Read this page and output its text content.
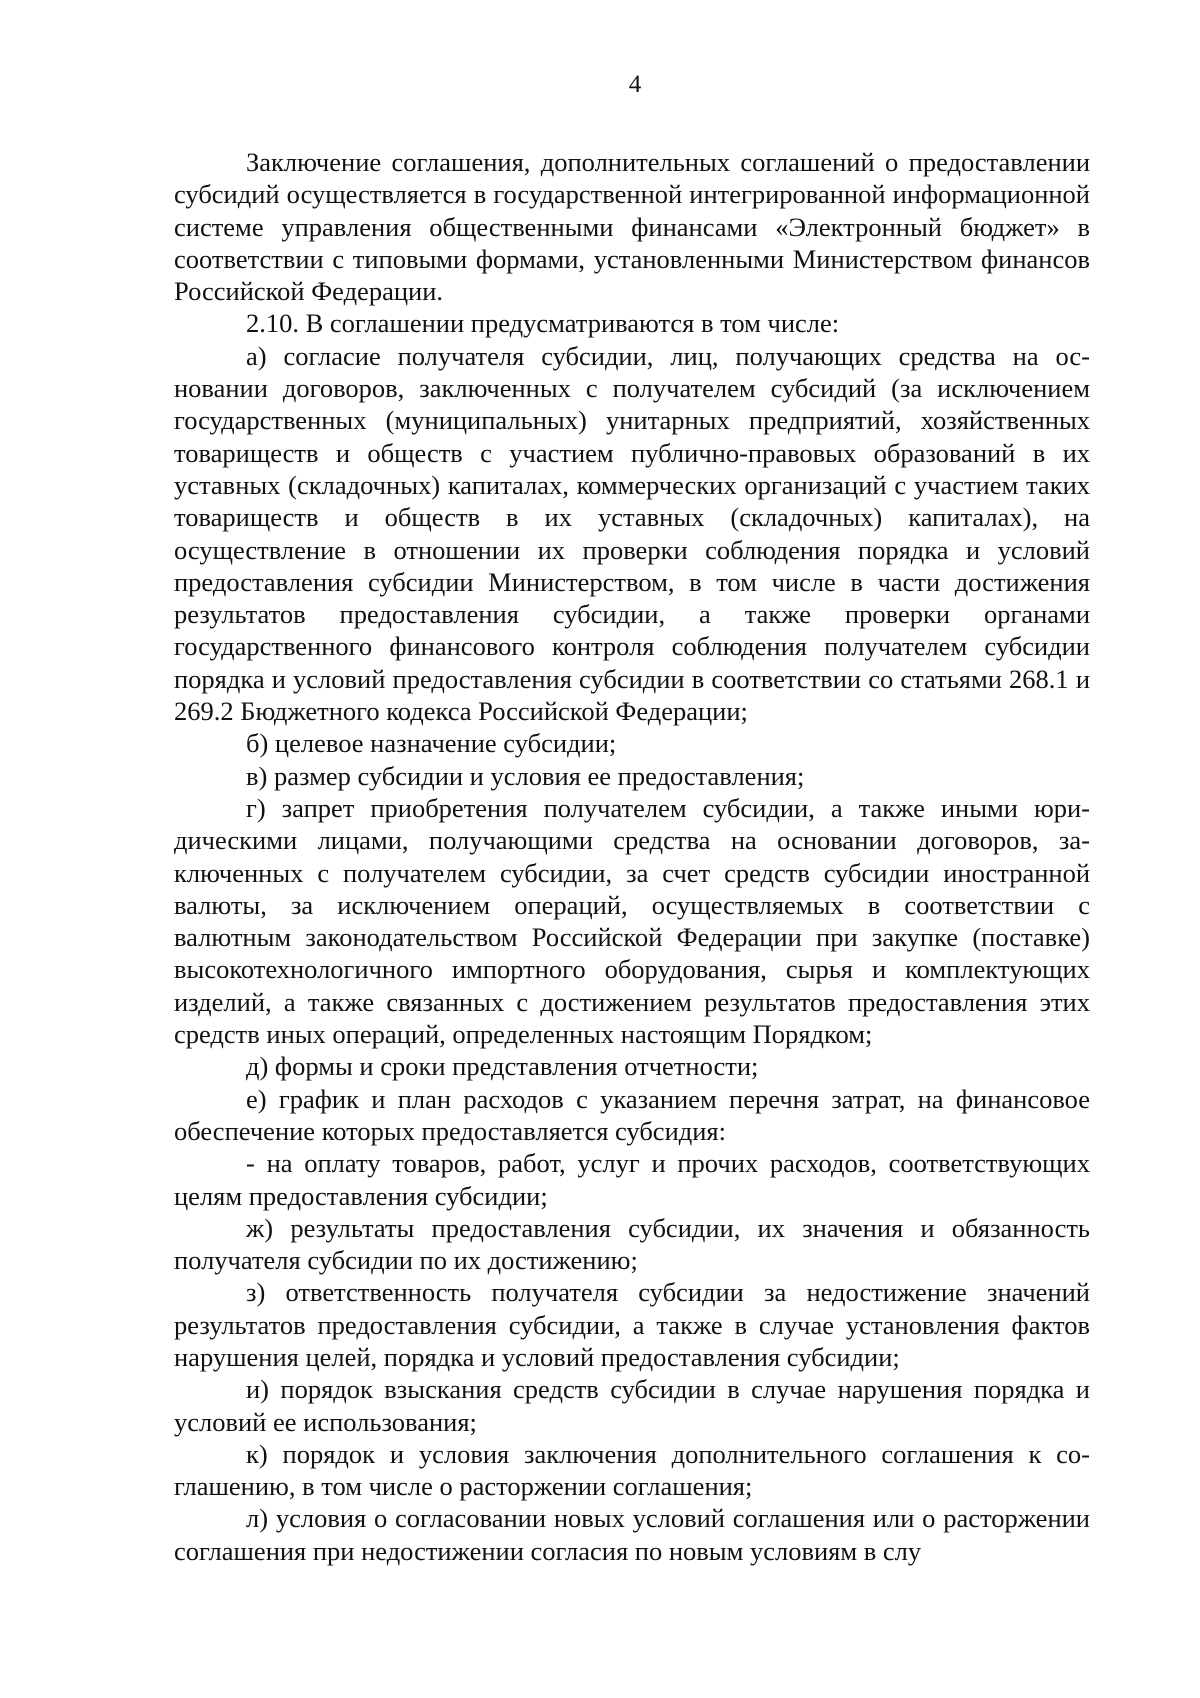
4

Заключение соглашения, дополнительных соглашений о предоставлении субсидий осуществляется в государственной интегрированной информационной системе управления общественными финансами «Электронный бюджет» в соответствии с типовыми формами, установленными Министерством финансов Российской Федерации.

2.10. В соглашении предусматриваются в том числе:

а) согласие получателя субсидии, лиц, получающих средства на основании договоров, заключенных с получателем субсидий (за исключением государственных (муниципальных) унитарных предприятий, хозяйственных товариществ и обществ с участием публично-правовых образований в их уставных (складочных) капиталах, коммерческих организаций с участием таких товариществ и обществ в их уставных (складочных) капиталах), на осуществление в отношении их проверки соблюдения порядка и условий предоставления субсидии Министерством, в том числе в части достижения результатов предоставления субсидии, а также проверки органами государственного финансового контроля соблюдения получателем субсидии порядка и условий предоставления субсидии в соответствии со статьями 268.1 и 269.2 Бюджетного кодекса Российской Федерации;

б) целевое назначение субсидии;

в) размер субсидии и условия ее предоставления;

г) запрет приобретения получателем субсидии, а также иными юридическими лицами, получающими средства на основании договоров, заключенных с получателем субсидии, за счет средств субсидии иностранной валюты, за исключением операций, осуществляемых в соответствии с валютным законодательством Российской Федерации при закупке (поставке) высокотехнологичного импортного оборудования, сырья и комплектующих изделий, а также связанных с достижением результатов предоставления этих средств иных операций, определенных настоящим Порядком;

д) формы и сроки представления отчетности;

е) график и план расходов с указанием перечня затрат, на финансовое обеспечение которых предоставляется субсидия:

- на оплату товаров, работ, услуг и прочих расходов, соответствующих целям предоставления субсидии;

ж) результаты предоставления субсидии, их значения и обязанность получателя субсидии по их достижению;

з) ответственность получателя субсидии за недостижение значений результатов предоставления субсидии, а также в случае установления фактов нарушения целей, порядка и условий предоставления субсидии;

и) порядок взыскания средств субсидии в случае нарушения порядка и условий ее использования;

к) порядок и условия заключения дополнительного соглашения к соглашению, в том числе о расторжении соглашения;

л) условия о согласовании новых условий соглашения или о расторжении соглашения при недостижении согласия по новым условиям в слу
